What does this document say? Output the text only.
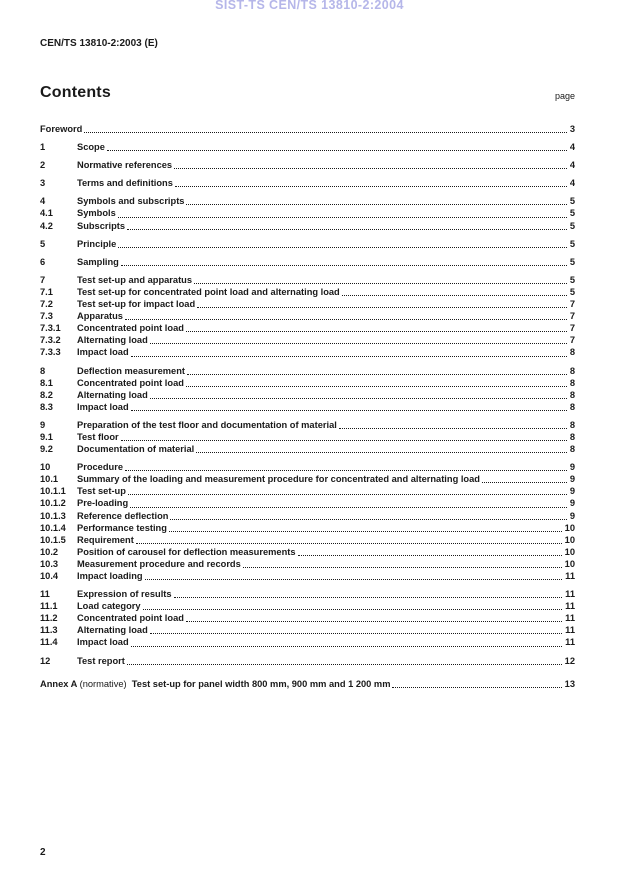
SIST-TS CEN/TS 13810-2:2004
CEN/TS 13810-2:2003 (E)
Contents	page
Foreword	3
1	Scope	4
2	Normative references	4
3	Terms and definitions	4
4	Symbols and subscripts	5
4.1	Symbols	5
4.2	Subscripts	5
5	Principle	5
6	Sampling	5
7	Test set-up and apparatus	5
7.1	Test set-up for concentrated point load and alternating load	5
7.2	Test set-up for impact load	7
7.3	Apparatus	7
7.3.1	Concentrated point load	7
7.3.2	Alternating load	7
7.3.3	Impact load	8
8	Deflection measurement	8
8.1	Concentrated point load	8
8.2	Alternating load	8
8.3	Impact load	8
9	Preparation of the test floor and documentation of material	8
9.1	Test floor	8
9.2	Documentation of material	8
10	Procedure	9
10.1	Summary of the loading and measurement procedure for concentrated and alternating load	9
10.1.1	Test set-up	9
10.1.2	Pre-loading	9
10.1.3	Reference deflection	9
10.1.4	Performance testing	10
10.1.5	Requirement	10
10.2	Position of carousel for deflection measurements	10
10.3	Measurement procedure and records	10
10.4	Impact loading	11
11	Expression of results	11
11.1	Load category	11
11.2	Concentrated point load	11
11.3	Alternating load	11
11.4	Impact load	11
12	Test report	12
Annex A (normative)  Test set-up for panel width 800 mm, 900 mm and 1 200 mm	13
2
